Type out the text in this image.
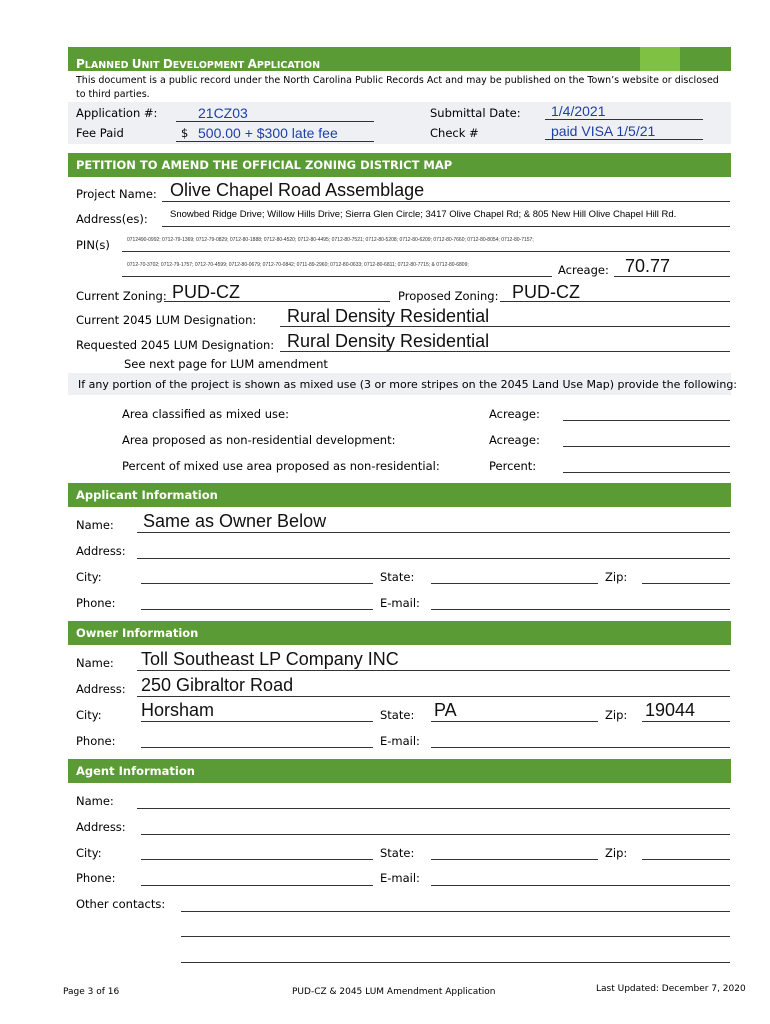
PLANNED UNIT DEVELOPMENT APPLICATION
This document is a public record under the North Carolina Public Records Act and may be published on the Town’s website or disclosed to third parties.
Application #:	21CZ03
Fee Paid	$ 500.00 + $300 late fee
Submittal Date: 1/4/2021
Check #	paid VISA 1/5/21
PETITION TO AMEND THE OFFICIAL ZONING DISTRICT MAP
Project Name: Olive Chapel Road Assemblage
Address(es): Snowbed Ridge Drive; Willow Hills Drive; Sierra Glen Circle; 3417 Olive Chapel Rd; & 805 New Hill Olive Chapel Hill Rd.
PIN(s)	0712490-0992; 0712-79-1369; 0712-79-0829; 0712-80-1888; 0712-80-4520; 0712-80-4495; 0712-80-7521; 0712-80-5208; 0712-80-6209; 0712-80-7660; 0712-80-8054; 0712-80-7157;
0712-70-3702; 0712-79-1757; 0712-70-4599; 0712-80-0679; 0712-70-0842; 0711-89-2960; 0712-80-0633; 0712-80-6811; 0712-80-7715; & 0712-80-6809;	Acreage: 70.77
Current Zoning: PUD-CZ	Proposed Zoning: PUD-CZ
Current 2045 LUM Designation: Rural Density Residential
Requested 2045 LUM Designation: Rural Density Residential
See next page for LUM amendment
If any portion of the project is shown as mixed use (3 or more stripes on the 2045 Land Use Map) provide the following:
Area classified as mixed use:	Acreage:
Area proposed as non-residential development:	Acreage:
Percent of mixed use area proposed as non-residential:	Percent:
Applicant Information
Name: Same as Owner Below
Address:
City:	State:	Zip:
Phone:	E-mail:
Owner Information
Name: Toll Southeast LP Company INC
Address: 250 Gibraltor Road
City: Horsham	State: PA	Zip: 19044
Phone:	E-mail:
Agent Information
Name:
Address:
City:	State:	Zip:
Phone:	E-mail:
Other contacts:
Page 3 of 16	PUD-CZ & 2045 LUM Amendment Application	Last Updated: December 7, 2020
